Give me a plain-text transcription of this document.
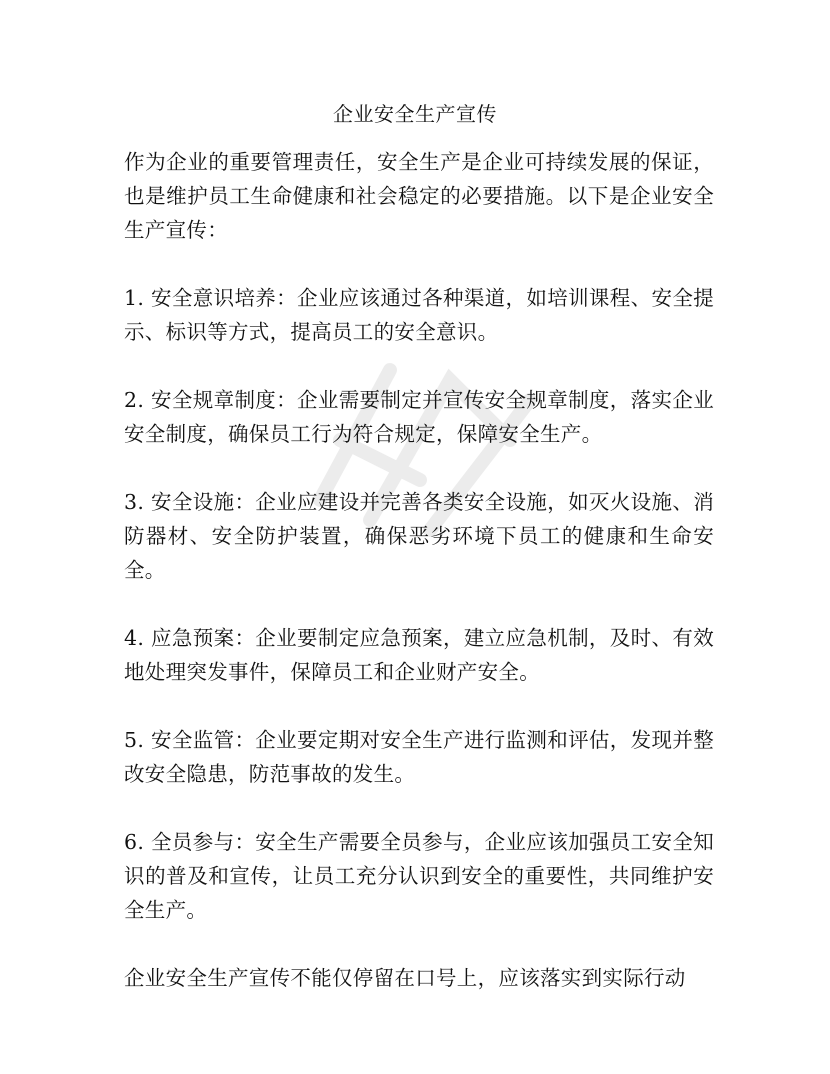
企业安全生产宣传

作为企业的重要管理责任，安全生产是企业可持续发展的保证，也是维护员工生命健康和社会稳定的必要措施。以下是企业安全生产宣传：

1. 安全意识培养：企业应该通过各种渠道，如培训课程、安全提示、标识等方式，提高员工的安全意识。

2. 安全规章制度：企业需要制定并宣传安全规章制度，落实企业安全制度，确保员工行为符合规定，保障安全生产。

3. 安全设施：企业应建设并完善各类安全设施，如灭火设施、消防器材、安全防护装置，确保恶劣环境下员工的健康和生命安全。

4. 应急预案：企业要制定应急预案，建立应急机制，及时、有效地处理突发事件，保障员工和企业财产安全。

5. 安全监管：企业要定期对安全生产进行监测和评估，发现并整改安全隐患，防范事故的发生。

6. 全员参与：安全生产需要全员参与，企业应该加强员工安全知识的普及和宣传，让员工充分认识到安全的重要性，共同维护安全生产。

企业安全生产宣传不能仅停留在口号上，应该落实到实际行动
